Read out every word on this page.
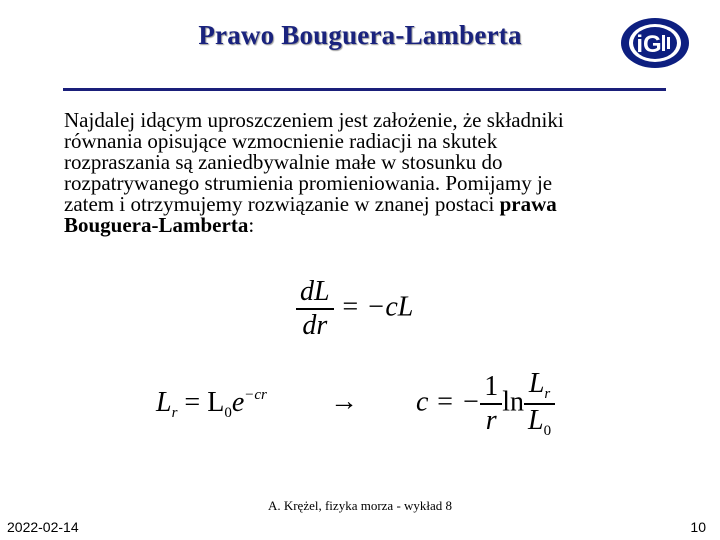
Prawo Bouguera-Lamberta	iG
Najdalej idącym uproszczeniem jest założenie, że składniki
równania opisujące wzmocnienie radiacji na skutek
rozpraszania są zaniedbywalnie małe w stosunku do
rozpatrywanego strumienia promieniowania. Pomijamy je
zatem i otrzymujemy rozwiązanie w znanej postaci prawa
Bouguera-Lamberta:
$\frac{dL}{dr} = -cL$
$L_r = L_0e^{-cr} \to c$ = − $\frac{1}{r}$ $\ln \frac{L_r}{L_0}$
A. Krężel, fizyka morza - wykład 8
2022-02-14	10
